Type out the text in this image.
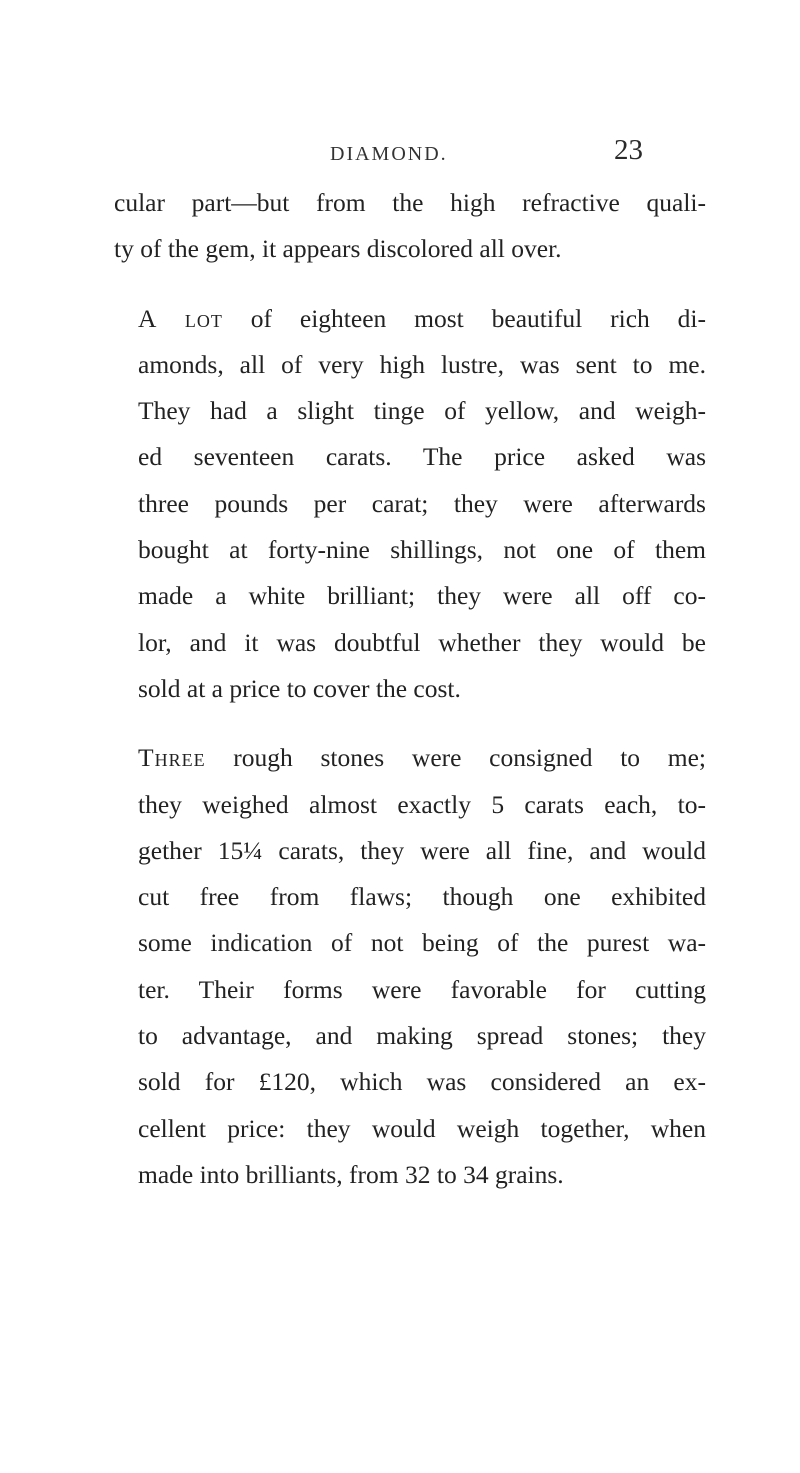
DIAMOND.	23

cular part—but from the high refractive quali-
ty of the gem, it appears discolored all over.

A lot of eighteen most beautiful rich di-
amonds, all of very high lustre, was sent to me.
They had a slight tinge of yellow, and weigh-
ed seventeen carats. The price asked was
three pounds per carat; they were afterwards
bought at forty-nine shillings, not one of them
made a white brilliant; they were all off co-
lor, and it was doubtful whether they would be
sold at a price to cover the cost.

Three rough stones were consigned to me;
they weighed almost exactly 5 carats each, to-
gether 15¼ carats, they were all fine, and would
cut free from flaws; though one exhibited
some indication of not being of the purest wa-
ter. Their forms were favorable for cutting
to advantage, and making spread stones; they
sold for £120, which was considered an ex-
cellent price: they would weigh together, when
made into brilliants, from 32 to 34 grains.
